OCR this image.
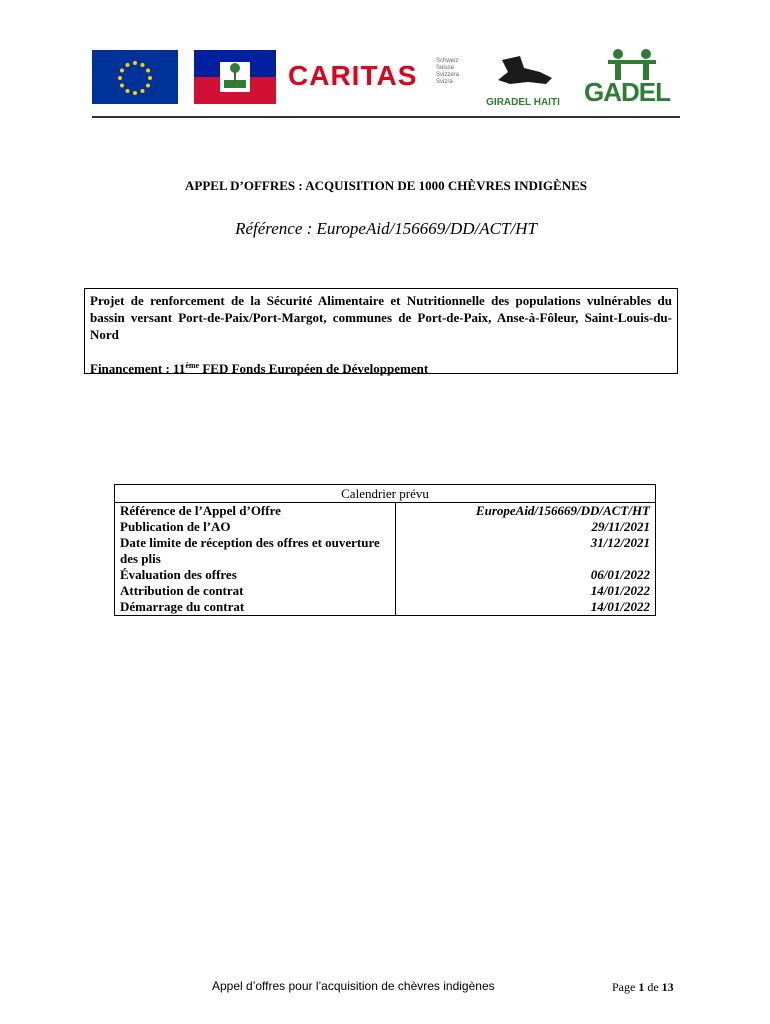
CARITAS	Schweiz
Suisse
Svizzera
Svizra
GIRADEL HAITI GADEL
APPEL D’OFFRES : ACQUISITION DE 1000 CHÈVRES INDIGÈNES
Référence : EuropeAid/156669/DD/ACT/HT

Projet de renforcement de la Sécurité Alimentaire et Nutritionnelle des populations vulnérables du bassin versant Port-de-Paix/Port-Margot, communes de Port-de-Paix, Anse-à-Fôleur, Saint-Louis-du-Nord

Financement : 11ème FED Fonds Européen de Développement
Calendrier prévu	
Référence de l’Appel d’Offre	EuropeAid/156669/DD/ACT/HT
Publication de l’AO	29/11/2021
Date limite de réception des offres et ouverture des plis	31/12/2021
Évaluation des offres	06/01/2022
Attribution de contrat	14/01/2022
Démarrage du contrat	14/01/2022
Appel d’offres pour l’acquisition de chèvres indigènes	Page 1 de 13
